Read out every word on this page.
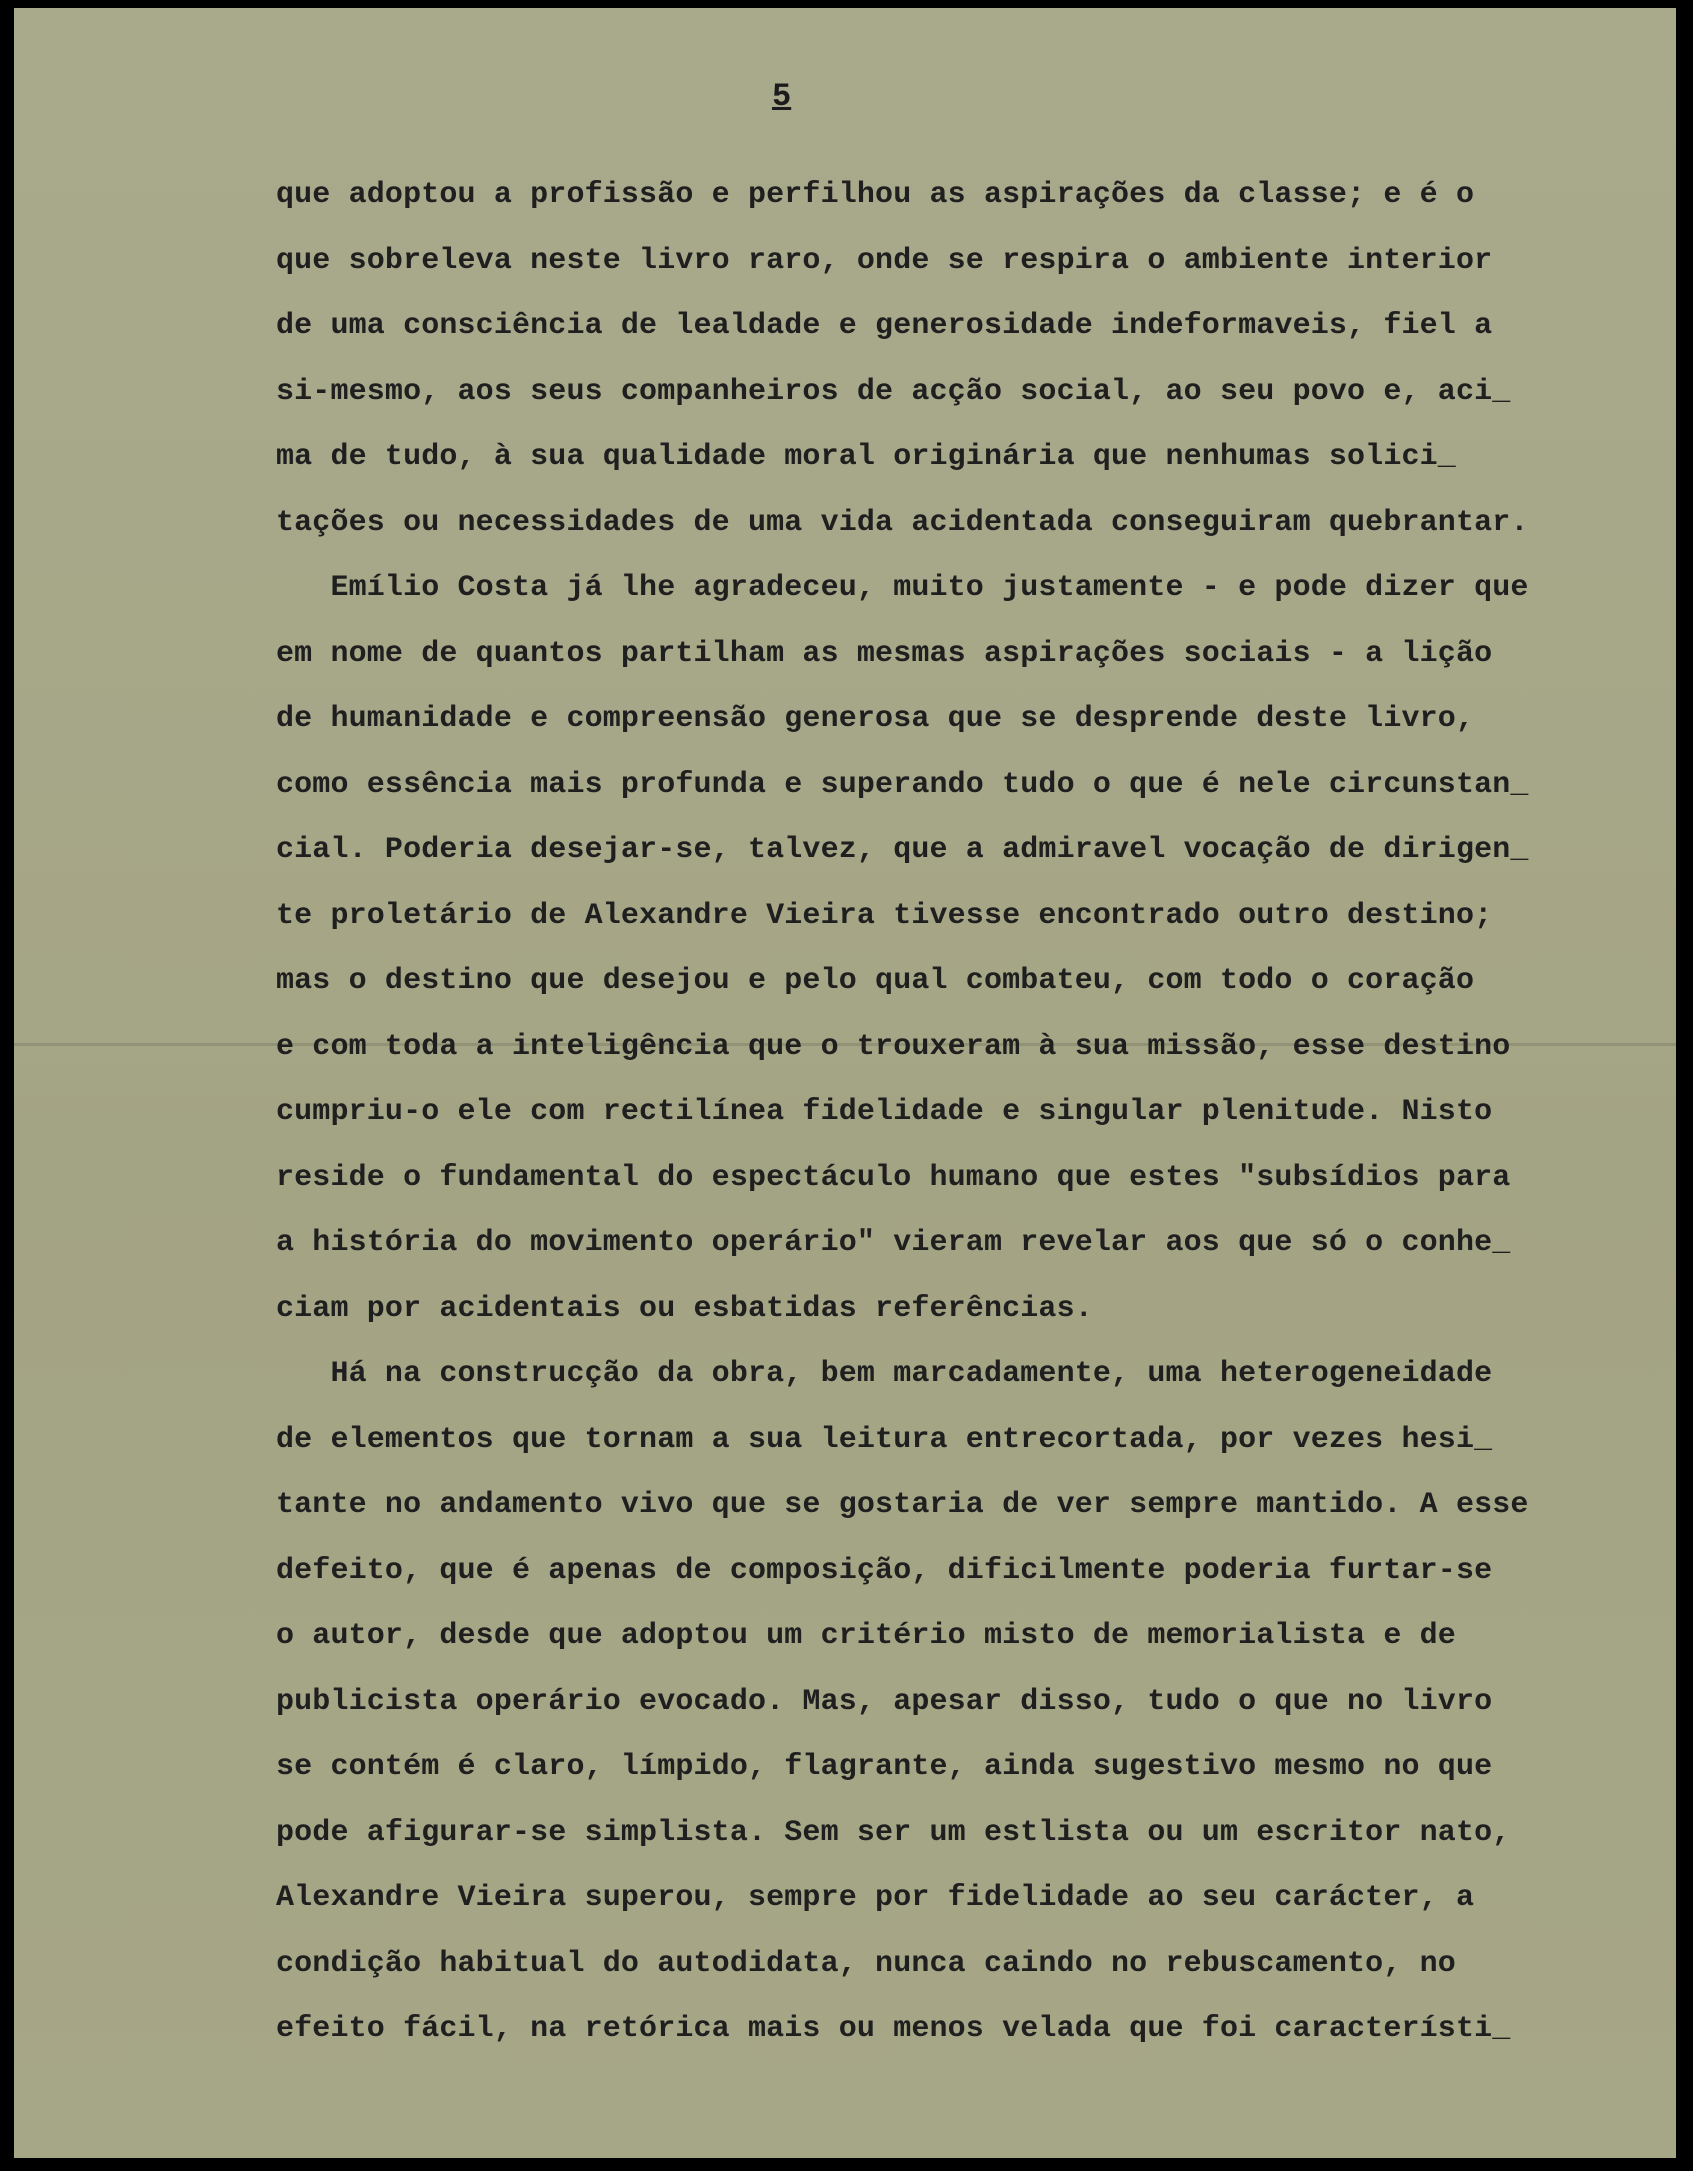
5
que adoptou a profissão e perfilhou as aspirações da classe; e é o
que sobreleva neste livro raro, onde se respira o ambiente interior
de uma consciência de lealdade e generosidade indeformaveis, fiel a
si-mesmo, aos seus companheiros de acção social, ao seu povo e, aci_
ma de tudo, à sua qualidade moral originária que nenhumas solici_
tações ou necessidades de uma vida acidentada conseguiram quebrantar.
Emílio Costa já lhe agradeceu, muito justamente - e pode dizer que
em nome de quantos partilham as mesmas aspirações sociais - a lição
de humanidade e compreensão generosa que se desprende deste livro,
como essência mais profunda e superando tudo o que é nele circunstan_
cial. Poderia desejar-se, talvez, que a admiravel vocação de dirigen_
te proletário de Alexandre Vieira tivesse encontrado outro destino;
mas o destino que desejou e pelo qual combateu, com todo o coração
e com toda a inteligência que o trouxeram à sua missão, esse destino
cumpriu-o ele com rectilínea fidelidade e singular plenitude. Nisto
reside o fundamental do espectáculo humano que estes "subsídios para
a história do movimento operário" vieram revelar aos que só o conhe_
ciam por acidentais ou esbatidas referências.
Há na construcção da obra, bem marcadamente, uma heterogeneidade
de elementos que tornam a sua leitura entrecortada, por vezes hesi_
tante no andamento vivo que se gostaria de ver sempre mantido. A esse
defeito, que é apenas de composição, dificilmente poderia furtar-se
o autor, desde que adoptou um critério misto de memorialista e de
publicista operário evocado. Mas, apesar disso, tudo o que no livro
se contém é claro, límpido, flagrante, ainda sugestivo mesmo no que
pode afigurar-se simplista. Sem ser um estlista ou um escritor nato,
Alexandre Vieira superou, sempre por fidelidade ao seu carácter, a
condição habitual do autodidata, nunca caindo no rebuscamento, no
efeito fácil, na retórica mais ou menos velada que foi característi_
